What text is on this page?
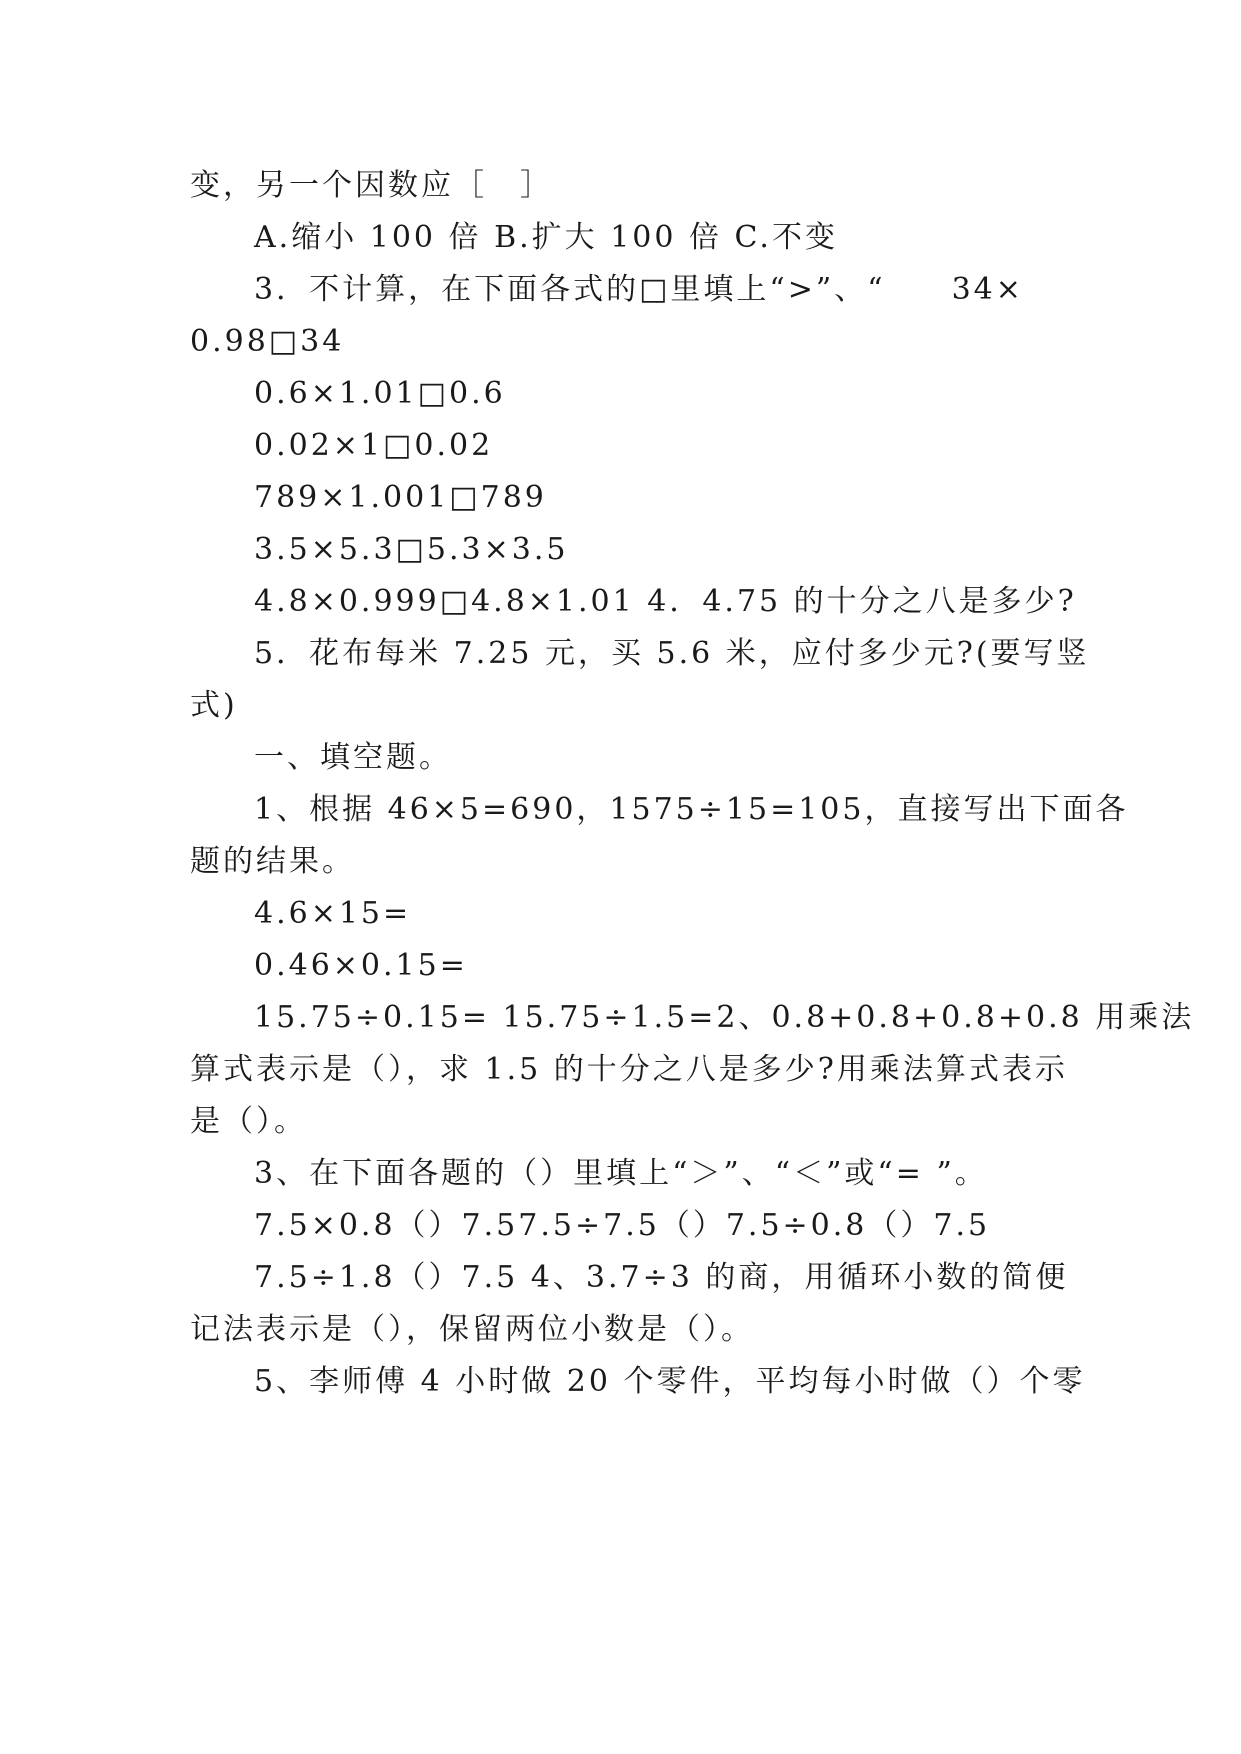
变，另一个因数应［　］
A.缩小 100 倍 B.扩大 100 倍 C.不变
3．不计算，在下面各式的□里填上“>”、“　　34×
0.98□34
0.6×1.01□0.6
0.02×1□0.02
789×1.001□789
3.5×5.3□5.3×3.5
4.8×0.999□4.8×1.01 4．4.75 的十分之八是多少?
5．花布每米 7.25 元，买 5.6 米，应付多少元?(要写竖
式)
一、填空题。
1、根据 46×5=690，1575÷15=105，直接写出下面各
题的结果。
4.6×15=
0.46×0.15=
15.75÷0.15= 15.75÷1.5=2、0.8+0.8+0.8+0.8 用乘法
算式表示是（），求 1.5 的十分之八是多少?用乘法算式表示
是（）。
3、在下面各题的（）里填上“＞”、“＜”或“= ”。
7.5×0.8（）7.57.5÷7.5（）7.5÷0.8（）7.5
7.5÷1.8（）7.5 4、3.7÷3 的商，用循环小数的简便
记法表示是（），保留两位小数是（）。
5、李师傅 4 小时做 20 个零件，平均每小时做（）个零
